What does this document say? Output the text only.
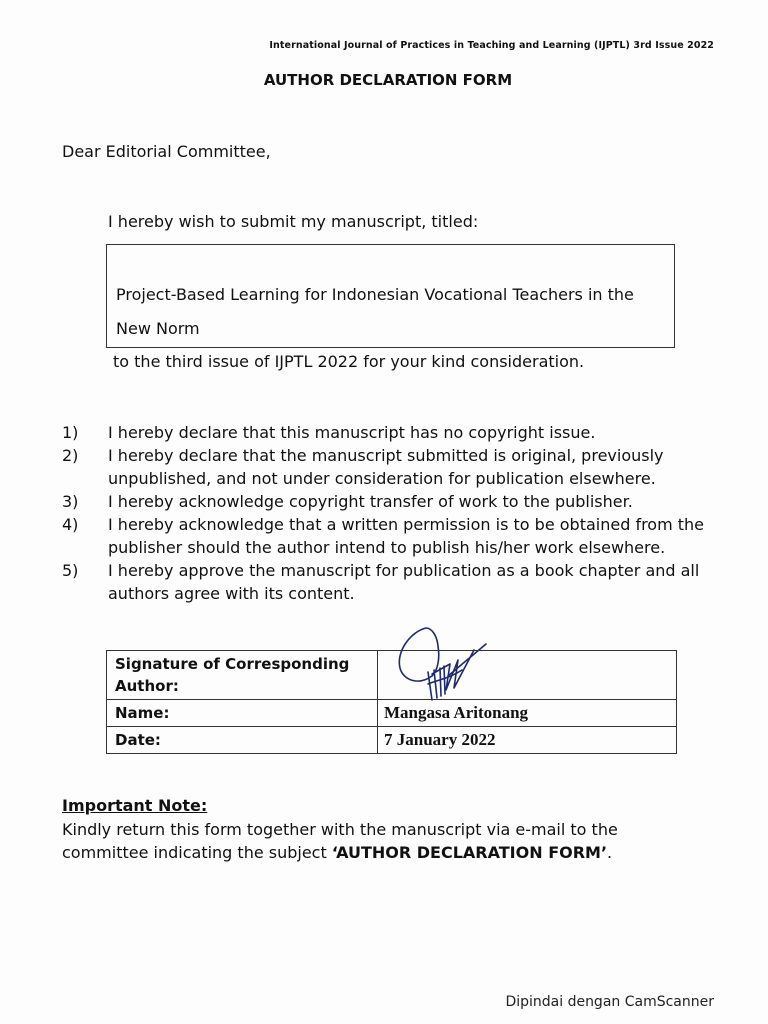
International Journal of Practices in Teaching and Learning (IJPTL) 3rd Issue 2022
AUTHOR DECLARATION FORM
Dear Editorial Committee,
I hereby wish to submit my manuscript, titled:
Project-Based Learning for Indonesian Vocational Teachers in the
New Norm
to the third issue of IJPTL 2022 for your kind consideration.
1) I hereby declare that this manuscript has no copyright issue.
2) I hereby declare that the manuscript submitted is original, previously unpublished, and not under consideration for publication elsewhere.
3) I hereby acknowledge copyright transfer of work to the publisher.
4) I hereby acknowledge that a written permission is to be obtained from the publisher should the author intend to publish his/her work elsewhere.
5) I hereby approve the manuscript for publication as a book chapter and all authors agree with its content.
Signature of Corresponding Author:	
Name:	Mangasa Aritonang
Date:	7 January 2022
Important Note:
Kindly return this form together with the manuscript via e-mail to the committee indicating the subject ‘AUTHOR DECLARATION FORM’.
Dipindai dengan CamScanner
